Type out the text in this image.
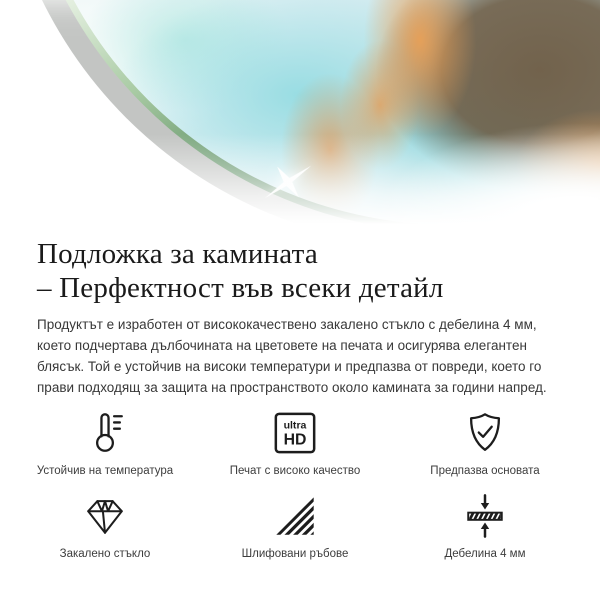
Подложка за камината
– Перфектност във всеки детайл

Продуктът е изработен от висококачествено закалено стъкло с дебелина 4 мм, което подчертава дълбочината на цветовете на печата и осигурява елегантен блясък. Той е устойчив на високи температури и предпазва от повреди, което го прави подходящ за защита на пространството около камината за години напред.

Устойчив на температура
ultra
HD
Печат с високо качество	Предпазва основата
Закалено стъкло	Шлифовани ръбове	Дебелина 4 мм
